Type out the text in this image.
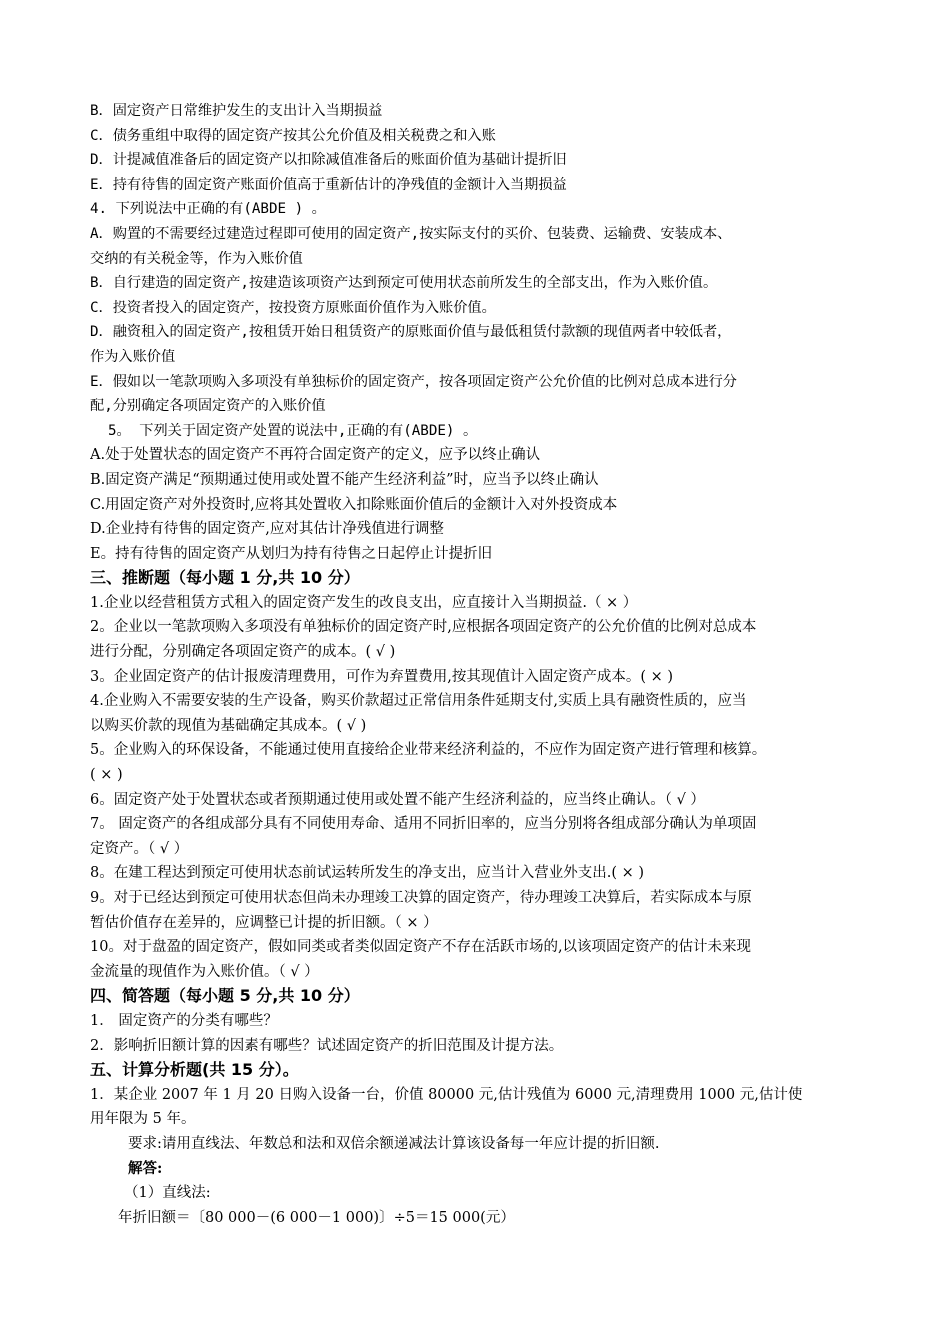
B．固定资产日常维护发生的支出计入当期损益
C．债务重组中取得的固定资产按其公允价值及相关税费之和入账
D．计提减值准备后的固定资产以扣除减值准备后的账面价值为基础计提折旧
E．持有待售的固定资产账面价值高于重新估计的净残值的金额计入当期损益
4. 下列说法中正确的有(ABDE ) 。
A．购置的不需要经过建造过程即可使用的固定资产,按实际支付的买价、包装费、运输费、安装成本、
交纳的有关税金等，作为入账价值
B．自行建造的固定资产,按建造该项资产达到预定可使用状态前所发生的全部支出，作为入账价值。
C．投资者投入的固定资产，按投资方原账面价值作为入账价值。
D．融资租入的固定资产,按租赁开始日租赁资产的原账面价值与最低租赁付款额的现值两者中较低者，
作为入账价值
E．假如以一笔款项购入多项没有单独标价的固定资产，按各项固定资产公允价值的比例对总成本进行分
配,分别确定各项固定资产的入账价值
5。 下列关于固定资产处置的说法中,正确的有(ABDE) 。
A.处于处置状态的固定资产不再符合固定资产的定义，应予以终止确认
B.固定资产满足“预期通过使用或处置不能产生经济利益”时，应当予以终止确认
C.用固定资产对外投资时,应将其处置收入扣除账面价值后的金额计入对外投资成本
D.企业持有待售的固定资产,应对其估计净残值进行调整
E。持有待售的固定资产从划归为持有待售之日起停止计提折旧
三、推断题（每小题 1 分,共 10 分）
1.企业以经营租赁方式租入的固定资产发生的改良支出，应直接计入当期损益.（ × ）
2。企业以一笔款项购入多项没有单独标价的固定资产时,应根据各项固定资产的公允价值的比例对总成本
进行分配，分别确定各项固定资产的成本。( √ )
3。企业固定资产的估计报废清理费用，可作为弃置费用,按其现值计入固定资产成本。( × )
4.企业购入不需要安装的生产设备，购买价款超过正常信用条件延期支付,实质上具有融资性质的，应当
以购买价款的现值为基础确定其成本。( √ )
5。企业购入的环保设备，不能通过使用直接给企业带来经济利益的，不应作为固定资产进行管理和核算。
( × )
6。固定资产处于处置状态或者预期通过使用或处置不能产生经济利益的，应当终止确认。（ √ ）
7。 固定资产的各组成部分具有不同使用寿命、适用不同折旧率的，应当分别将各组成部分确认为单项固
定资产。（ √ ）
8。在建工程达到预定可使用状态前试运转所发生的净支出，应当计入营业外支出.( × )
9。对于已经达到预定可使用状态但尚未办理竣工决算的固定资产，待办理竣工决算后，若实际成本与原
暂估价值存在差异的，应调整已计提的折旧额。（ × ）
10。对于盘盈的固定资产，假如同类或者类似固定资产不存在活跃市场的,以该项固定资产的估计未来现
金流量的现值作为入账价值。（ √ ）
四、简答题（每小题 5 分,共 10 分）
1． 固定资产的分类有哪些？
2．影响折旧额计算的因素有哪些？试述固定资产的折旧范围及计提方法。
五、计算分析题(共 15 分）。
1．某企业 2007 年 1 月 20 日购入设备一台，价值 80000 元,估计残值为 6000 元,清理费用 1000 元,估计使
用年限为 5 年。
要求:请用直线法、年数总和法和双倍余额递减法计算该设备每一年应计提的折旧额.
解答:
（1）直线法:
年折旧额＝〔80 000－(6 000－1 000)〕÷5＝15 000(元）
